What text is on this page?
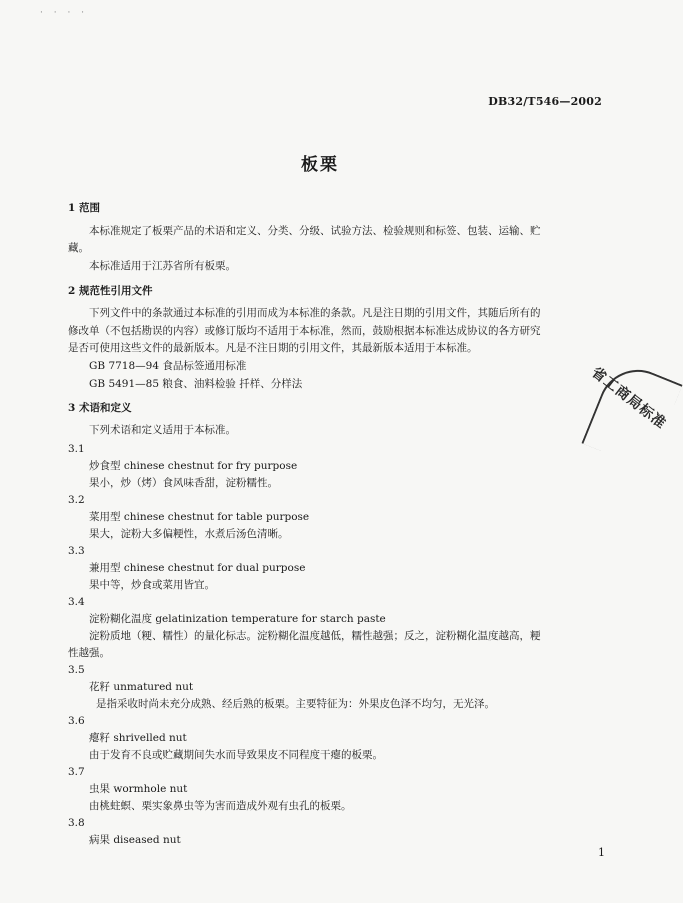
· · · ·
DB32/T546—2002
板栗
1 范围
本标准规定了板栗产品的术语和定义、分类、分级、试验方法、检验规则和标签、包装、运输、贮
藏。
本标准适用于江苏省所有板栗。
2 规范性引用文件
下列文件中的条款通过本标准的引用而成为本标准的条款。凡是注日期的引用文件，其随后所有的
修改单（不包括勘误的内容）或修订版均不适用于本标准，然而，鼓励根据本标准达成协议的各方研究
是否可使用这些文件的最新版本。凡是不注日期的引用文件，其最新版本适用于本标准。
GB 7718—94 食品标签通用标准
GB 5491—85 粮食、油料检验 扦样、分样法
3 术语和定义
下列术语和定义适用于本标准。
3.1
炒食型 chinese chestnut for fry purpose
果小，炒（烤）食风味香甜，淀粉糯性。
3.2
菜用型 chinese chestnut for table purpose
果大，淀粉大多偏粳性，水煮后汤色清晰。
3.3
兼用型 chinese chestnut for dual purpose
果中等，炒食或菜用皆宜。
3.4
淀粉糊化温度 gelatinization temperature for starch paste
淀粉质地（粳、糯性）的量化标志。淀粉糊化温度越低，糯性越强；反之，淀粉糊化温度越高，粳
性越强。
3.5
花籽 unmatured nut
是指采收时尚未充分成熟、经后熟的板栗。主要特征为：外果皮色泽不均匀，无光泽。
3.6
瘪籽 shrivelled nut
由于发育不良或贮藏期间失水而导致果皮不同程度干瘪的板栗。
3.7
虫果 wormhole nut
由桃蛀螟、栗实象鼻虫等为害而造成外观有虫孔的板栗。
3.8
病果 diseased nut
省工商局标准
1
